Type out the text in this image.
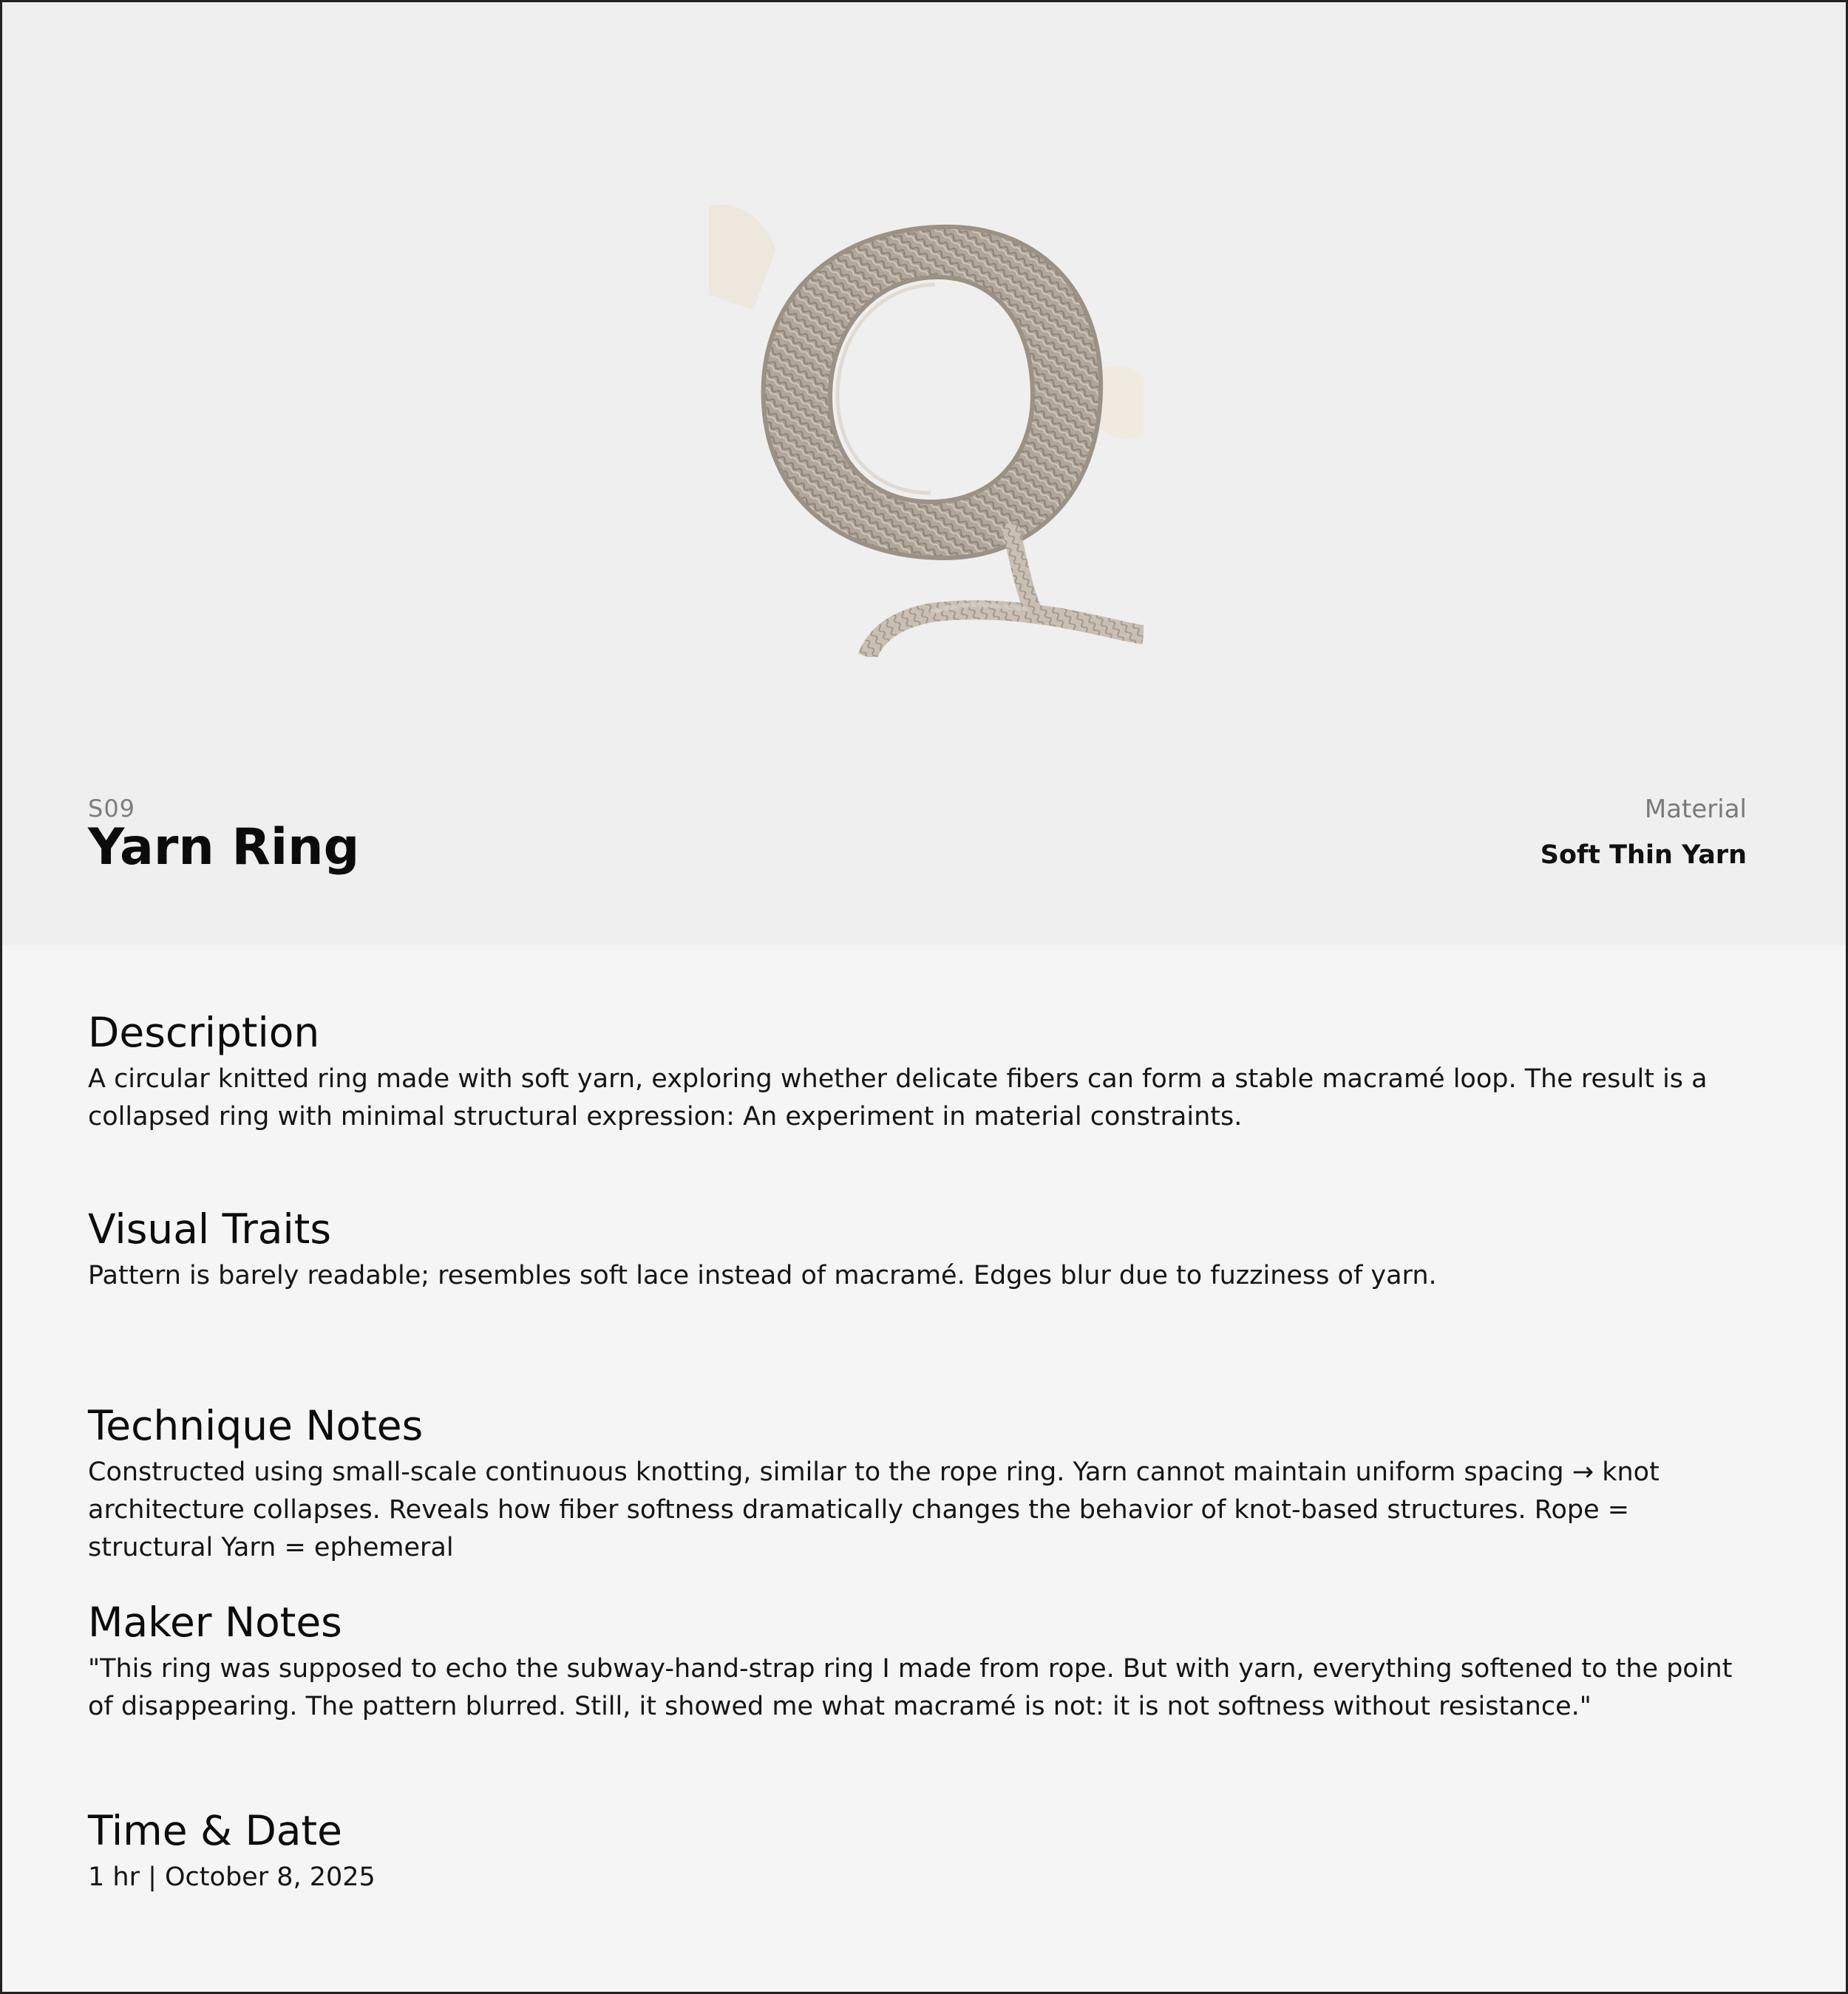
S09
Yarn Ring
Material
Soft Thin Yarn
Description

A circular knitted ring made with soft yarn, exploring whether delicate fibers can form a stable macramé loop. The result is a collapsed ring with minimal structural expression: An experiment in material constraints.

Visual Traits

Pattern is barely readable; resembles soft lace instead of macramé. Edges blur due to fuzziness of yarn.

Technique Notes

Constructed using small-scale continuous knotting, similar to the rope ring. Yarn cannot maintain uniform spacing → knot architecture collapses. Reveals how fiber softness dramatically changes the behavior of knot-based structures. Rope = structural Yarn = ephemeral

Maker Notes

"This ring was supposed to echo the subway-hand-strap ring I made from rope. But with yarn, everything softened to the point of disappearing. The pattern blurred. Still, it showed me what macramé is not: it is not softness without resistance."

Time & Date

1 hr | October 8, 2025
